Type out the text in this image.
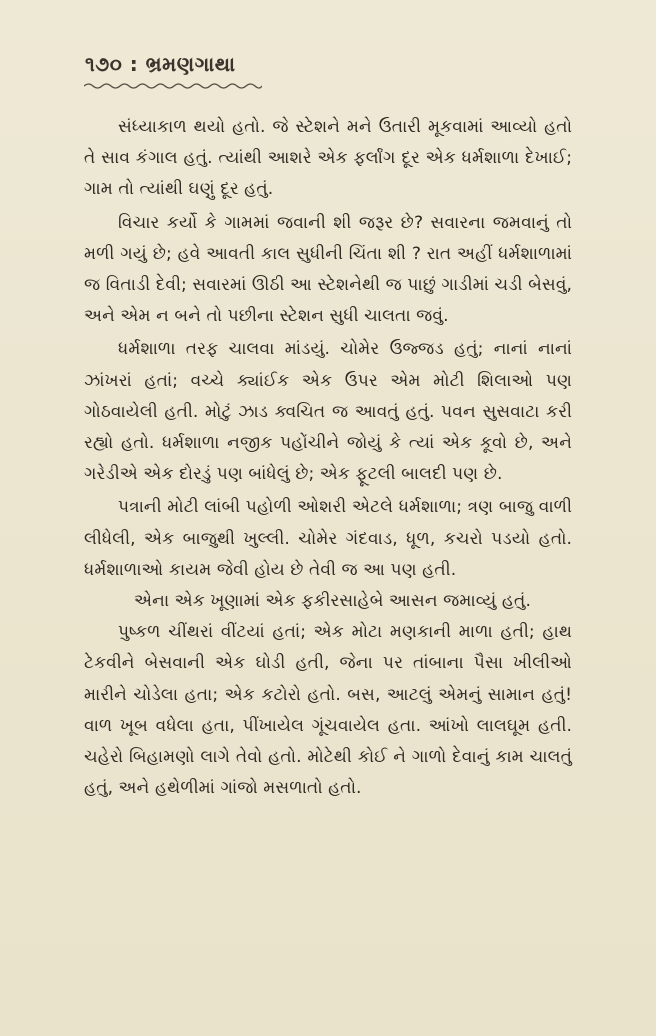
૧૭૦ : ભ્રમણગાથા

સંધ્યાકાળ થયો હતો. જે સ્ટેશને મને ઉતારી મૂકવામાં આવ્યો હતો તે સાવ કંગાલ હતું. ત્યાંથી આશરે એક ફર્લાંગ દૂર એક ધર્મશાળા દેખાઈ; ગામ તો ત્યાંથી ઘણું દૂર હતું.

વિચાર કર્યો કે ગામમાં જવાની શી જરૂર છે? સવારના જમવાનું તો મળી ગયું છે; હવે આવતી કાલ સુધીની ચિંતા શી ? રાત અહીં ધર્મશાળામાં જ વિતાડી દેવી; સવારમાં ઊઠી આ સ્ટેશનેથી જ પાછું ગાડીમાં ચડી બેસવું, અને એમ ન બને તો પછીના સ્ટેશન સુધી ચાલતા જવું.

ધર્મશાળા તરફ ચાલવા માંડયું. ચોમેર ઉજ્જડ હતું; નાનાં નાનાં ઝાંખરાં હતાં; વચ્ચે ક્યાંઈક એક ઉપર એમ મોટી શિલાઓ પણ ગોઠવાયેલી હતી. મોટું ઝાડ ક્વચિત જ આવતું હતું. પવન સુસવાટા કરી રહ્યો હતો. ધર્મશાળા નજીક પહોંચીને જોયું કે ત્યાં એક કૂવો છે, અને ગરેડીએ એક દોરડું પણ બાંધેલું છે; એક ફૂટલી બાલદી પણ છે.

પત્રાની મોટી લાંબી પહોળી ઓશરી એટલે ધર્મશાળા; ત્રણ બાજુ વાળી લીધેલી, એક બાજુથી ખુલ્લી. ચોમેર ગંદવાડ, ધૂળ, કચરો પડયો હતો. ધર્મશાળાઓ કાયમ જેવી હોય છે તેવી જ આ પણ હતી.

એના એક ખૂણામાં એક ફકીરસાહેબે આસન જમાવ્યું હતું.

પુષ્કળ ચીંથરાં વીંટયાં હતાં; એક મોટા મણકાની માળા હતી; હાથ ટેકવીને બેસવાની એક ઘોડી હતી, જેના પર તાંબાના પૈસા ખીલીઓ મારીને ચોડેલા હતા; એક કટોરો હતો. બસ, આટલું એમનું સામાન હતું! વાળ ખૂબ વધેલા હતા, પીંખાયેલ ગૂંચવાયેલ હતા. આંખો લાલઘૂમ હતી. ચહેરો બિહામણો લાગે તેવો હતો. મોટેથી કોઈ ને ગાળો દેવાનું કામ ચાલતું હતું, અને હથેળીમાં ગાંજો મસળાતો હતો.
